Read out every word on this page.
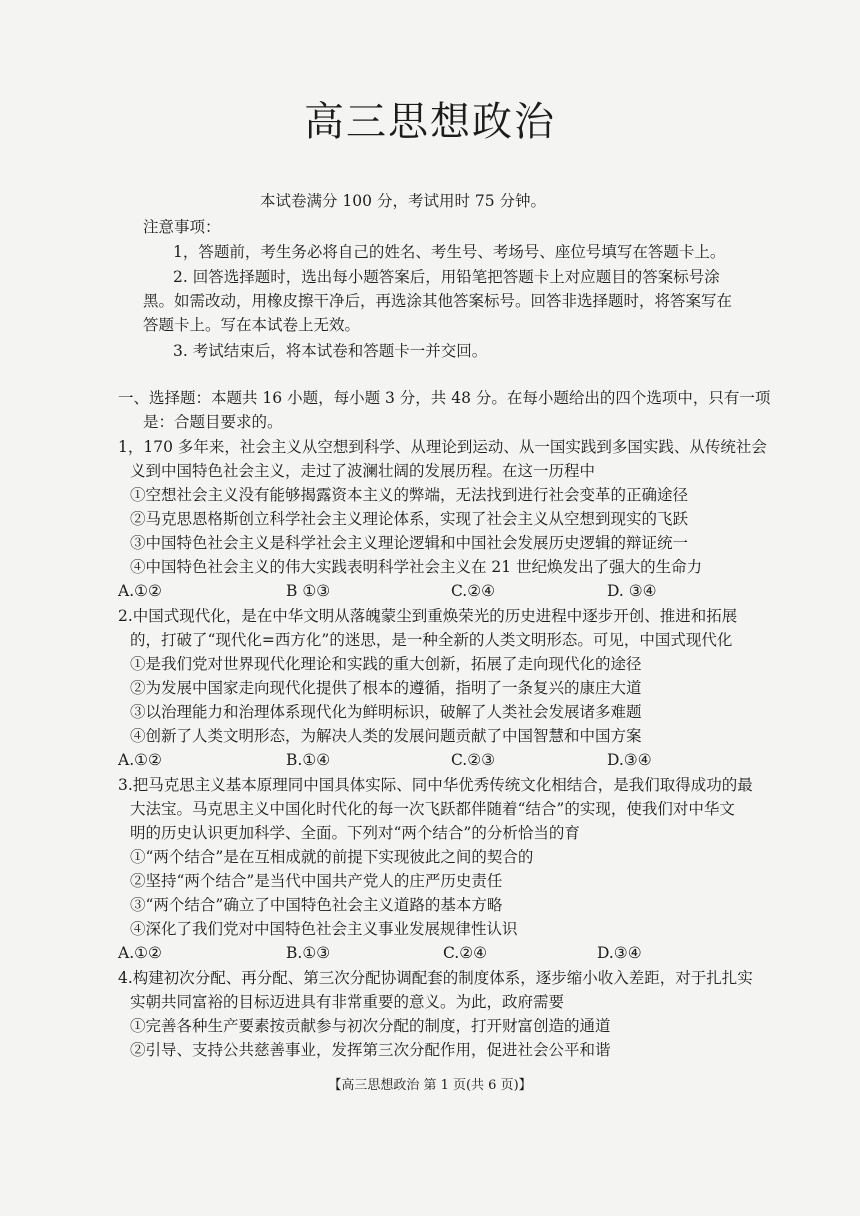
高三思想政治
本试卷满分 100 分，考试用时 75 分钟。
注意事项：
1，答题前，考生务必将自己的姓名、考生号、考场号、座位号填写在答题卡上。
2. 回答选择题时，选出每小题答案后，用铅笔把答题卡上对应题目的答案标号涂
黑。如需改动，用橡皮擦干净后，再选涂其他答案标号。回答非选择题时，将答案写在
答题卡上。写在本试卷上无效。
3. 考试结束后，将本试卷和答题卡一并交回。
一、选择题：本题共 16 小题，每小题 3 分，共 48 分。在每小题给出的四个选项中，只有一项
是：合题目要求的。
1，170 多年来，社会主义从空想到科学、从理论到运动、从一国实践到多国实践、从传统社会
义到中国特色社会主义，走过了波澜壮阔的发展历程。在这一历程中
①空想社会主义没有能够揭露资本主义的弊端，无法找到进行社会变革的正确途径
②马克思恩格斯创立科学社会主义理论体系，实现了社会主义从空想到现实的飞跃
③中国特色社会主义是科学社会主义理论逻辑和中国社会发展历史逻辑的辩证统一
④中国特色社会主义的伟大实践表明科学社会主义在 21 世纪焕发出了强大的生命力
A.①②	B ①③	C.②④	D. ③④
2.中国式现代化，是在中华文明从落魄蒙尘到重焕荣光的历史进程中逐步开创、推进和拓展
的，打破了“现代化=西方化”的迷思，是一种全新的人类文明形态。可见，中国式现代化
①是我们党对世界现代化理论和实践的重大创新，拓展了走向现代化的途径
②为发展中国家走向现代化提供了根本的遵循，指明了一条复兴的康庄大道
③以治理能力和治理体系现代化为鲜明标识，破解了人类社会发展诸多难题
④创新了人类文明形态，为解决人类的发展问题贡献了中国智慧和中国方案
A.①②	B.①④	C.②③	D.③④
3.把马克思主义基本原理同中国具体实际、同中华优秀传统文化相结合，是我们取得成功的最
大法宝。马克思主义中国化时代化的每一次飞跃都伴随着“结合”的实现，使我们对中华文
明的历史认识更加科学、全面。下列对“两个结合”的分析恰当的育
①“两个结合”是在互相成就的前提下实现彼此之间的契合的
②坚持“两个结合”是当代中国共产党人的庄严历史责任
③“两个结合”确立了中国特色社会主义道路的基本方略
④深化了我们党对中国特色社会主义事业发展规律性认识
A.①②	B.①③	C.②④	D.③④
4.构建初次分配、再分配、第三次分配协调配套的制度体系，逐步缩小收入差距，对于扎扎实
实朝共同富裕的目标迈进具有非常重要的意义。为此，政府需要
①完善各种生产要素按贡献参与初次分配的制度，打开财富创造的通道
②引导、支持公共慈善事业，发挥第三次分配作用，促进社会公平和谐
【高三思想政治 第 1 页(共 6 页)】
